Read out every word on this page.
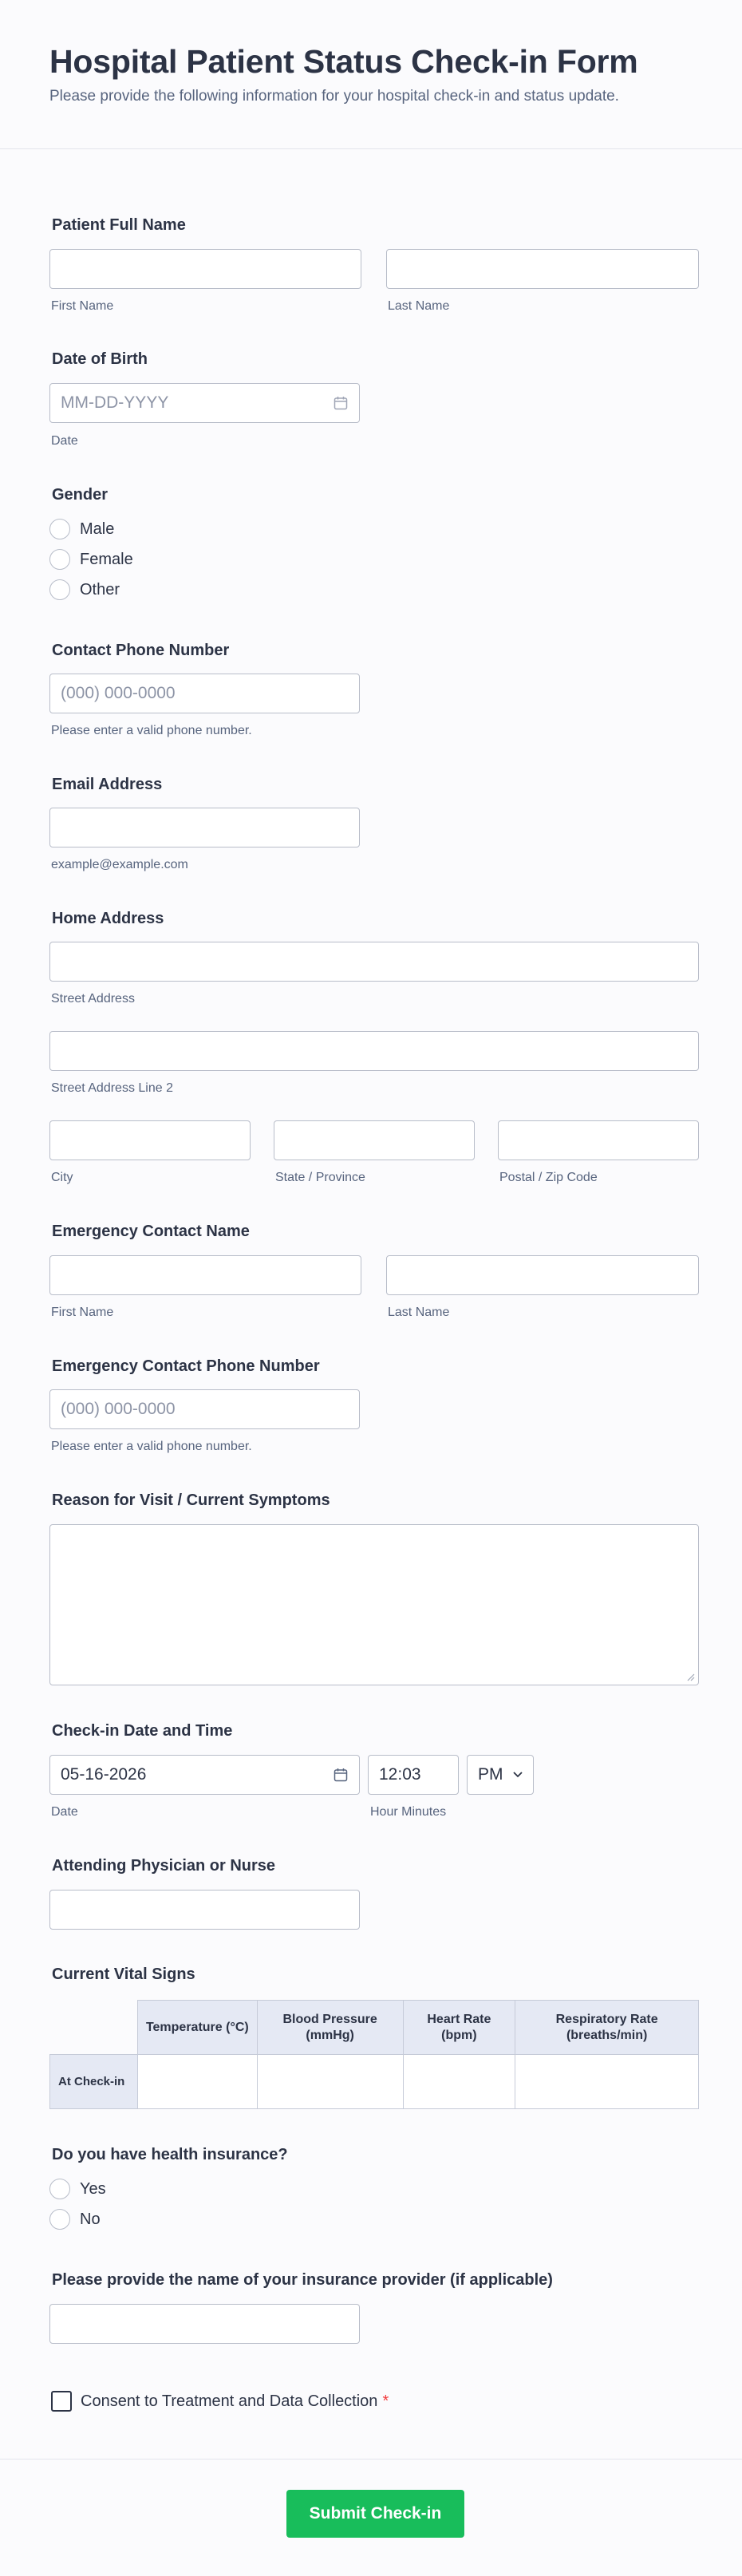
Hospital Patient Status Check-in Form

Please provide the following information for your hospital check-in and status update.

Patient Full Name
First Name	Last Name
Date of Birth
MM-DD-YYYY
Date
Gender
Male
Female
Other
Contact Phone Number
(000) 000-0000
Please enter a valid phone number.
Email Address
example@example.com
Home Address
Street Address
Street Address Line 2
City	State / Province	Postal / Zip Code
Emergency Contact Name
First Name	Last Name
Emergency Contact Phone Number
(000) 000-0000
Please enter a valid phone number.
Reason for Visit / Current Symptoms
Check-in Date and Time
05-16-2026	12:03	PM
Date	Hour Minutes
Attending Physician or Nurse
Current Vital Signs
	Temperature (°C)	Blood Pressure (mmHg)	Heart Rate (bpm)	Respiratory Rate (breaths/min)
At Check-in				
Do you have health insurance?
Yes
No
Please provide the name of your insurance provider (if applicable)
Consent to Treatment and Data Collection *
Submit Check-in
